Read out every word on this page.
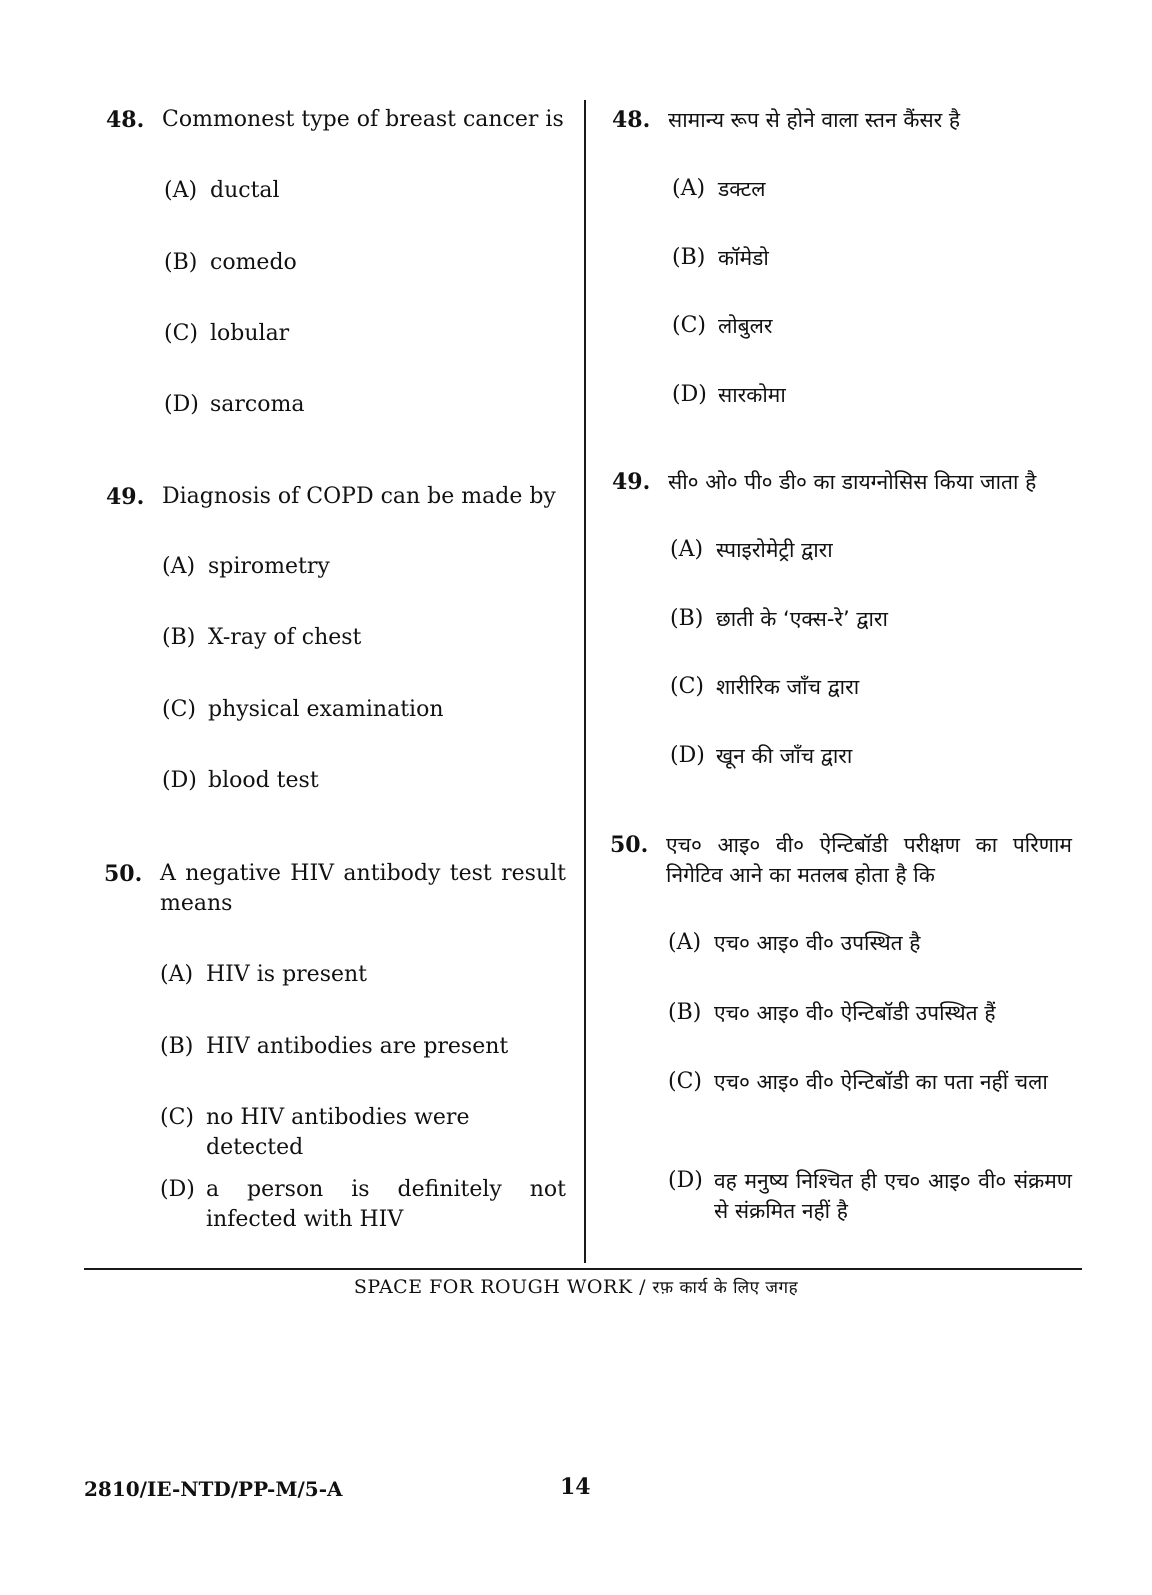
48. Commonest type of breast cancer is
(A) ductal
(B) comedo
(C) lobular
(D) sarcoma
49. Diagnosis of COPD can be made by
(A) spirometry
(B) X-ray of chest
(C) physical examination
(D) blood test
50. A negative HIV antibody test result means
(A) HIV is present
(B) HIV antibodies are present
(C) no HIV antibodies were detected
(D) a person is definitely not infected with HIV
48. सामान्य रूप से होने वाला स्तन कैंसर है
(A) डक्टल
(B) कॉमेडो
(C) लोबुलर
(D) सारकोमा
49. सी० ओ० पी० डी० का डायग्नोसिस किया जाता है
(A) स्पाइरोमेट्री द्वारा
(B) छाती के ‘एक्स-रे’ द्वारा
(C) शारीरिक जाँच द्वारा
(D) खून की जाँच द्वारा
50. एच० आइ० वी० ऐन्टिबॉडी परीक्षण का परिणाम निगेटिव आने का मतलब होता है कि
(A) एच० आइ० वी० उपस्थित है
(B) एच० आइ० वी० ऐन्टिबॉडी उपस्थित हैं
(C) एच० आइ० वी० ऐन्टिबॉडी का पता नहीं चला
(D) वह मनुष्य निश्चित ही एच० आइ० वी० संक्रमण से संक्रमित नहीं है
SPACE FOR ROUGH WORK / रफ़ कार्य के लिए जगह
2810/IE-NTD/PP-M/5-A	14
